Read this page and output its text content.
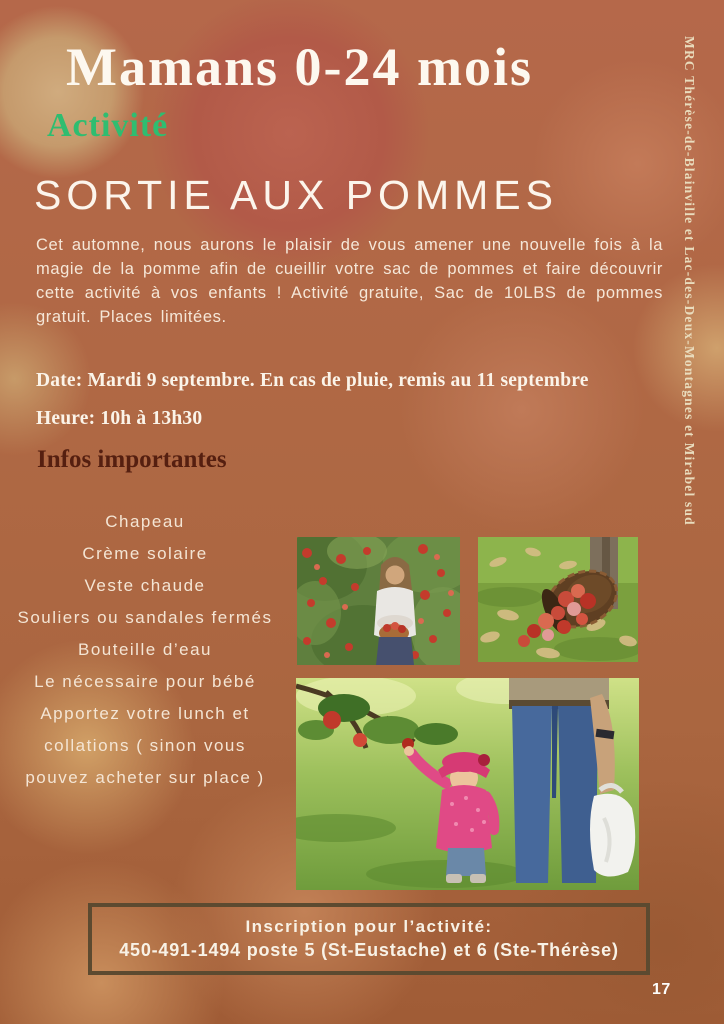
Mamans 0-24 mois
Activité
SORTIE AUX POMMES
Cet automne, nous aurons le plaisir de vous amener une nouvelle fois à la magie de la pomme afin de cueillir votre sac de pommes et faire découvrir cette activité à vos enfants ! Activité gratuite, Sac de 10LBS de pommes gratuit. Places limitées.
Date: Mardi 9 septembre. En cas de pluie, remis au 11 septembre
Heure: 10h à 13h30
Infos importantes
Chapeau
Crème solaire
Veste chaude
Souliers ou sandales fermés
Bouteille d’eau
Le nécessaire pour bébé
Apportez votre lunch et collations ( sinon vous pouvez acheter sur place )
Inscription pour l’activité:
450-491-1494 poste 5 (St-Eustache) et 6 (Ste-Thérèse)
MRC Thérèse-de-Blainville et Lac-des-Deux-Montagnes et Mirabel sud
17
